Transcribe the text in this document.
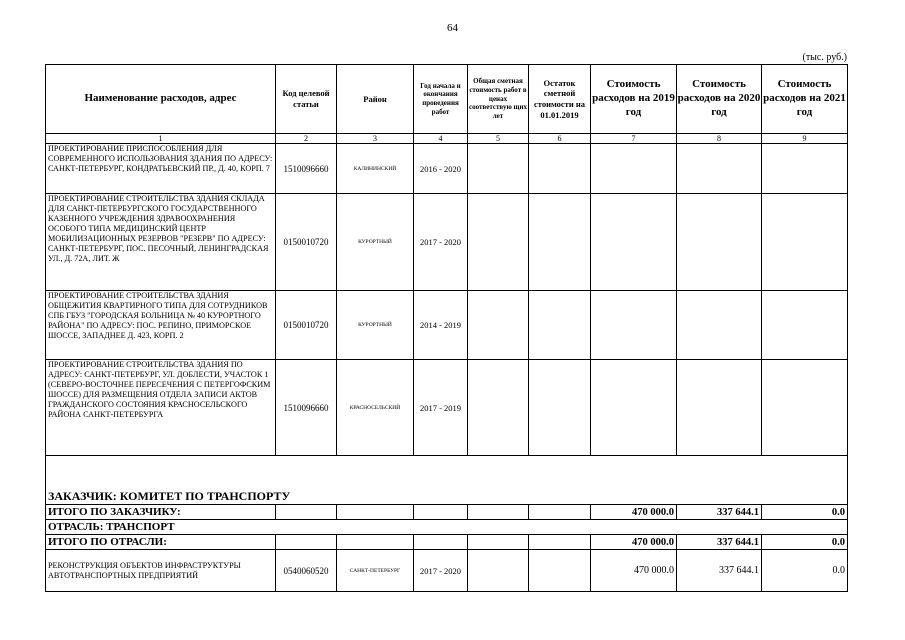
64
(тыс. руб.)
Наименование расходов, адрес	Код целевой статьи	Район	Год начала и окончания проведения работ	Общая сметная стоимость работ в ценах соответствую щих лет	Остаток сметной стоимости на 01.01.2019	Стоимость расходов на 2019 год	Стоимость расходов на 2020 год	Стоимость расходов на 2021 год
1	2	3	4	5	6	7	8	9
ПРОЕКТИРОВАНИЕ ПРИСПОСОБЛЕНИЯ ДЛЯ СОВРЕМЕННОГО ИСПОЛЬЗОВАНИЯ ЗДАНИЯ ПО АДРЕСУ: САНКТ-ПЕТЕРБУРГ, КОНДРАТЬЕВСКИЙ ПР., Д. 40, КОРП. 7	1510096660	КАЛИНИНСКИЙ	2016 - 2020					
ПРОЕКТИРОВАНИЕ СТРОИТЕЛЬСТВА ЗДАНИЯ СКЛАДА ДЛЯ САНКТ-ПЕТЕРБУРГСКОГО ГОСУДАРСТВЕННОГО КАЗЕННОГО УЧРЕЖДЕНИЯ ЗДРАВООХРАНЕНИЯ ОСОБОГО ТИПА МЕДИЦИНСКИЙ ЦЕНТР МОБИЛИЗАЦИОННЫХ РЕЗЕРВОВ "РЕЗЕРВ" ПО АДРЕСУ: САНКТ-ПЕТЕРБУРГ, ПОС. ПЕСОЧНЫЙ, ЛЕНИНГРАДСКАЯ УЛ., Д. 72А, ЛИТ. Ж	0150010720	КУРОРТНЫЙ	2017 - 2020					
ПРОЕКТИРОВАНИЕ СТРОИТЕЛЬСТВА ЗДАНИЯ ОБЩЕЖИТИЯ КВАРТИРНОГО ТИПА ДЛЯ СОТРУДНИКОВ СПБ ГБУЗ "ГОРОДСКАЯ БОЛЬНИЦА № 40 КУРОРТНОГО РАЙОНА" ПО АДРЕСУ: ПОС. РЕПИНО, ПРИМОРСКОЕ ШОССЕ, ЗАПАДНЕЕ Д. 423, КОРП. 2	0150010720	КУРОРТНЫЙ	2014 - 2019					
ПРОЕКТИРОВАНИЕ СТРОИТЕЛЬСТВА ЗДАНИЯ ПО АДРЕСУ: САНКТ-ПЕТЕРБУРГ, УЛ. ДОБЛЕСТИ, УЧАСТОК 1 (СЕВЕРО-ВОСТОЧНЕЕ ПЕРЕСЕЧЕНИЯ С ПЕТЕРГОФСКИМ ШОССЕ) ДЛЯ РАЗМЕЩЕНИЯ ОТДЕЛА ЗАПИСИ АКТОВ ГРАЖДАНСКОГО СОСТОЯНИЯ КРАСНОСЕЛЬСКОГО РАЙОНА САНКТ-ПЕТЕРБУРГА	1510096660	КРАСНОСЕЛЬСКИЙ	2017 - 2019					
ЗАКАЗЧИК: КОМИТЕТ ПО ТРАНСПОРТУ								
ИТОГО ПО ЗАКАЗЧИКУ:						470 000.0	337 644.1	0.0
ОТРАСЛЬ: ТРАНСПОРТ								
ИТОГО ПО ОТРАСЛИ:						470 000.0	337 644.1	0.0
РЕКОНСТРУКЦИЯ ОБЪЕКТОВ ИНФРАСТРУКТУРЫ АВТОТРАНСПОРТНЫХ ПРЕДПРИЯТИЙ	0540060520	САНКТ-ПЕТЕРБУРГ	2017 - 2020			470 000.0	337 644.1	0.0
